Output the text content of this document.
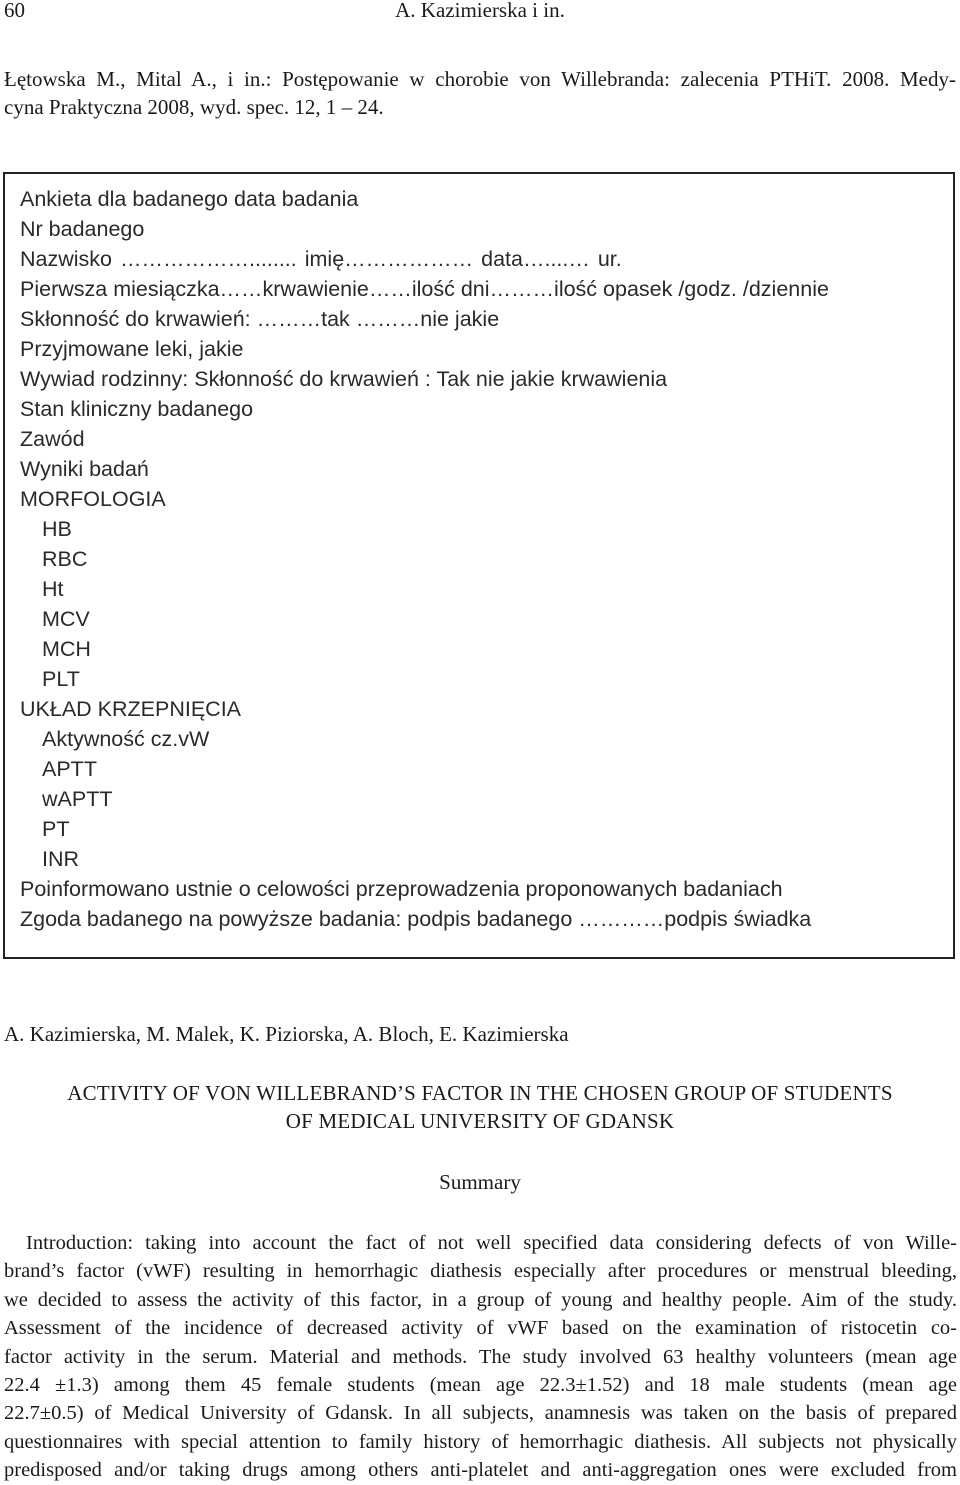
60	A. Kazimierska i in.
Łętowska M., Mital A., i in.: Postępowanie w chorobie von Willebranda: zalecenia PTHiT. 2008. Medy-
cyna Praktyczna 2008, wyd. spec. 12, 1 – 24.
Ankieta dla badanego data badania
Nr badanego
Nazwisko ………………........ imię……………… data…....… ur.
Pierwsza miesiączka……krwawienie……ilość dni………ilość opasek /godz. /dziennie
Skłonność do krwawień: ………tak ………nie jakie
Przyjmowane leki, jakie
Wywiad rodzinny: Skłonność do krwawień : Tak nie jakie krwawienia
Stan kliniczny badanego
Zawód
Wyniki badań
MORFOLOGIA
HB
RBC
Ht
MCV
MCH
PLT
UKŁAD KRZEPNIĘCIA
Aktywność cz.vW
APTT
wAPTT
PT
INR
Poinformowano ustnie o celowości przeprowadzenia proponowanych badaniach
Zgoda badanego na powyższe badania: podpis badanego …………podpis świadka
A. Kazimierska, M. Malek, K. Piziorska, A. Bloch, E. Kazimierska
ACTIVITY OF VON WILLEBRAND’S FACTOR IN THE CHOSEN GROUP OF STUDENTS
OF MEDICAL UNIVERSITY OF GDANSK
Summary
Introduction: taking into account the fact of not well specified data considering defects of von Wille-
brand’s factor (vWF) resulting in hemorrhagic diathesis especially after procedures or menstrual bleeding,
we decided to assess the activity of this factor, in a group of young and healthy people. Aim of the study.
Assessment of the incidence of decreased activity of vWF based on the examination of ristocetin co-
factor activity in the serum. Material and methods. The study involved 63 healthy volunteers (mean age
22.4 ±1.3) among them 45 female students (mean age 22.3±1.52) and 18 male students (mean age
22.7±0.5) of Medical University of Gdansk. In all subjects, anamnesis was taken on the basis of prepared
questionnaires with special attention to family history of hemorrhagic diathesis. All subjects not physically
predisposed and/or taking drugs among others anti-platelet and anti-aggregation ones were excluded from
